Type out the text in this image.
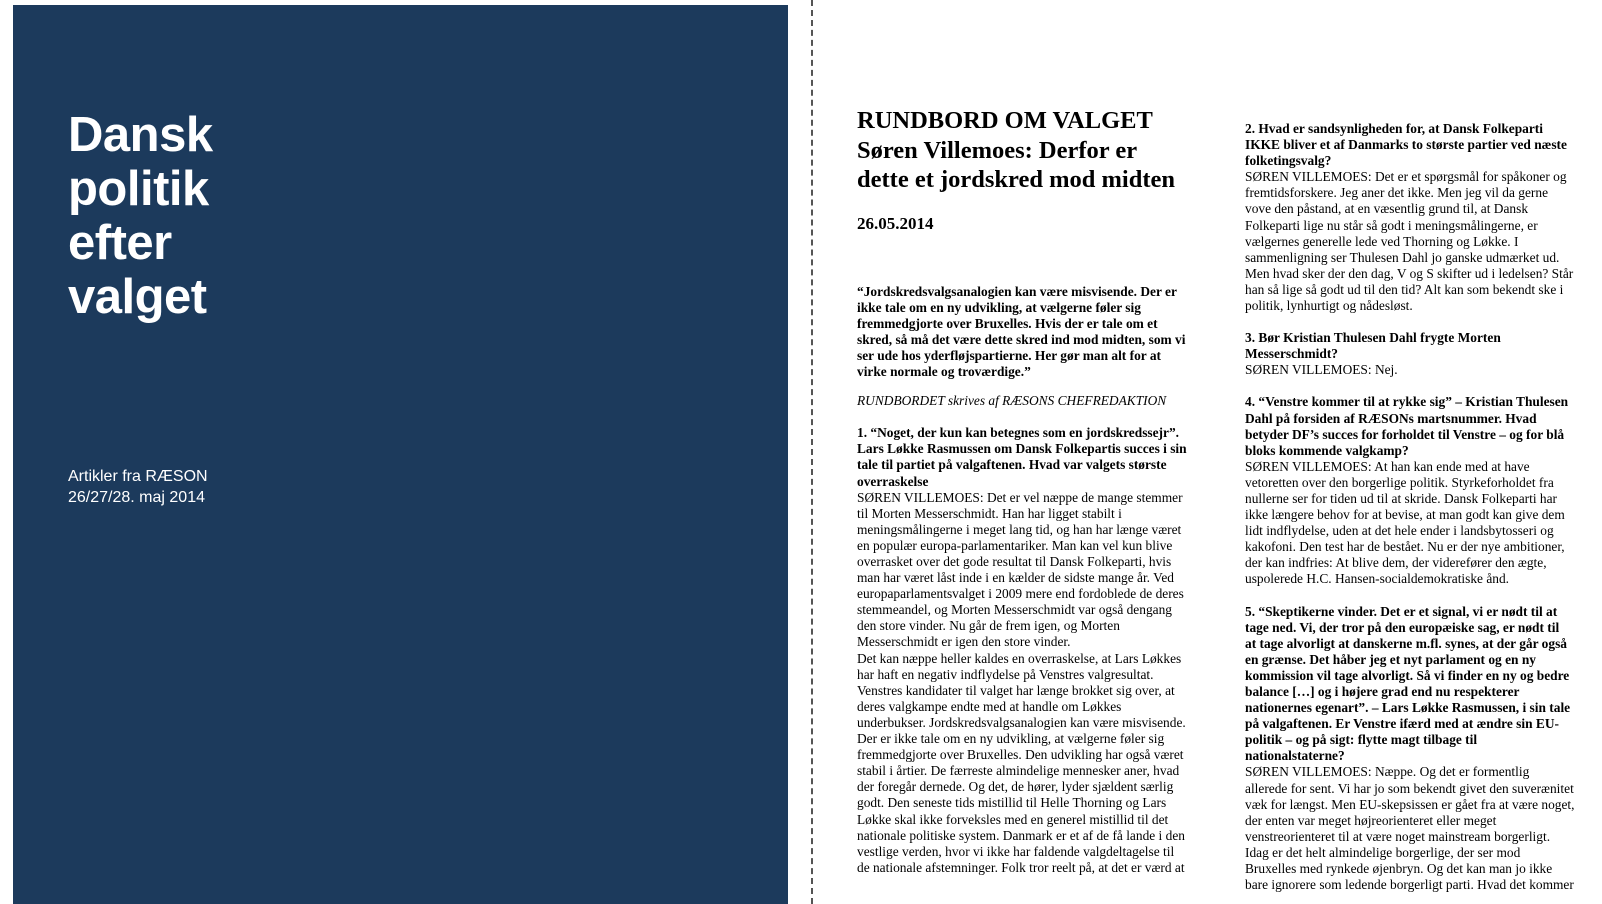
Dansk
politik
efter
valget
Artikler fra RÆSON
26/27/28. maj 2014
RUNDBORD OM VALGET
Søren Villemoes: Derfor er
dette et jordskred mod midten
26.05.2014
“Jordskredsvalgsanalogien kan være misvisende. Der er
ikke tale om en ny udvikling, at vælgerne føler sig
fremmedgjorte over Bruxelles. Hvis der er tale om et
skred, så må det være dette skred ind mod midten, som vi
ser ude hos yderfløjspartierne. Her gør man alt for at
virke normale og troværdige.”
RUNDBORDET skrives af RÆSONS CHEFREDAKTION
1. “Noget, der kun kan betegnes som en jordskredssejr”.
Lars Løkke Rasmussen om Dansk Folkepartis succes i sin
tale til partiet på valgaftenen. Hvad var valgets største
overraskelse
SØREN VILLEMOES: Det er vel næppe de mange stemmer
til Morten Messerschmidt. Han har ligget stabilt i
meningsmålingerne i meget lang tid, og han har længe været
en populær europa-parlamentariker. Man kan vel kun blive
overrasket over det gode resultat til Dansk Folkeparti, hvis
man har været låst inde i en kælder de sidste mange år. Ved
europaparlamentsvalget i 2009 mere end fordoblede de deres
stemmeandel, og Morten Messerschmidt var også dengang
den store vinder. Nu går de frem igen, og Morten
Messerschmidt er igen den store vinder.
Det kan næppe heller kaldes en overraskelse, at Lars Løkkes
har haft en negativ indflydelse på Venstres valgresultat.
Venstres kandidater til valget har længe brokket sig over, at
deres valgkampe endte med at handle om Løkkes
underbukser. Jordskredsvalgsanalogien kan være misvisende.
Der er ikke tale om en ny udvikling, at vælgerne føler sig
fremmedgjorte over Bruxelles. Den udvikling har også været
stabil i årtier. De færreste almindelige mennesker aner, hvad
der foregår dernede. Og det, de hører, lyder sjældent særlig
godt. Den seneste tids mistillid til Helle Thorning og Lars
Løkke skal ikke forveksles med en generel mistillid til det
nationale politiske system. Danmark er et af de få lande i den
vestlige verden, hvor vi ikke har faldende valgdeltagelse til
de nationale afstemninger. Folk tror reelt på, at det er værd at
2. Hvad er sandsynligheden for, at Dansk Folkeparti
IKKE bliver et af Danmarks to største partier ved næste
folketingsvalg?
SØREN VILLEMOES: Det er et spørgsmål for spåkoner og
fremtidsforskere. Jeg aner det ikke. Men jeg vil da gerne
vove den påstand, at en væsentlig grund til, at Dansk
Folkeparti lige nu står så godt i meningsmålingerne, er
vælgernes generelle lede ved Thorning og Løkke. I
sammenligning ser Thulesen Dahl jo ganske udmærket ud.
Men hvad sker der den dag, V og S skifter ud i ledelsen? Står
han så lige så godt ud til den tid? Alt kan som bekendt ske i
politik, lynhurtigt og nådesløst.
3. Bør Kristian Thulesen Dahl frygte Morten
Messerschmidt?
SØREN VILLEMOES: Nej.
4. “Venstre kommer til at rykke sig” – Kristian Thulesen
Dahl på forsiden af RÆSONs martsnummer. Hvad
betyder DF’s succes for forholdet til Venstre – og for blå
bloks kommende valgkamp?
SØREN VILLEMOES: At han kan ende med at have
vetoretten over den borgerlige politik. Styrkeforholdet fra
nullerne ser for tiden ud til at skride. Dansk Folkeparti har
ikke længere behov for at bevise, at man godt kan give dem
lidt indflydelse, uden at det hele ender i landsbytosseri og
kakofoni. Den test har de bestået. Nu er der nye ambitioner,
der kan indfries: At blive dem, der viderefører den ægte,
uspolerede H.C. Hansen-socialdemokratiske ånd.
5. “Skeptikerne vinder. Det er et signal, vi er nødt til at
tage ned. Vi, der tror på den europæiske sag, er nødt til
at tage alvorligt at danskerne m.fl. synes, at der går også
en grænse. Det håber jeg et nyt parlament og en ny
kommission vil tage alvorligt. Så vi finder en ny og bedre
balance […] og i højere grad end nu respekterer
nationernes egenart”. – Lars Løkke Rasmussen, i sin tale
på valgaftenen. Er Venstre ifærd med at ændre sin EU-
politik – og på sigt: flytte magt tilbage til
nationalstaterne?
SØREN VILLEMOES: Næppe. Og det er formentlig
allerede for sent. Vi har jo som bekendt givet den suverænitet
væk for længst. Men EU-skepsissen er gået fra at være noget,
der enten var meget højreorienteret eller meget
venstreorienteret til at være noget mainstream borgerligt.
Idag er det helt almindelige borgerlige, der ser mod
Bruxelles med rynkede øjenbryn. Og det kan man jo ikke
bare ignorere som ledende borgerligt parti. Hvad det kommer
